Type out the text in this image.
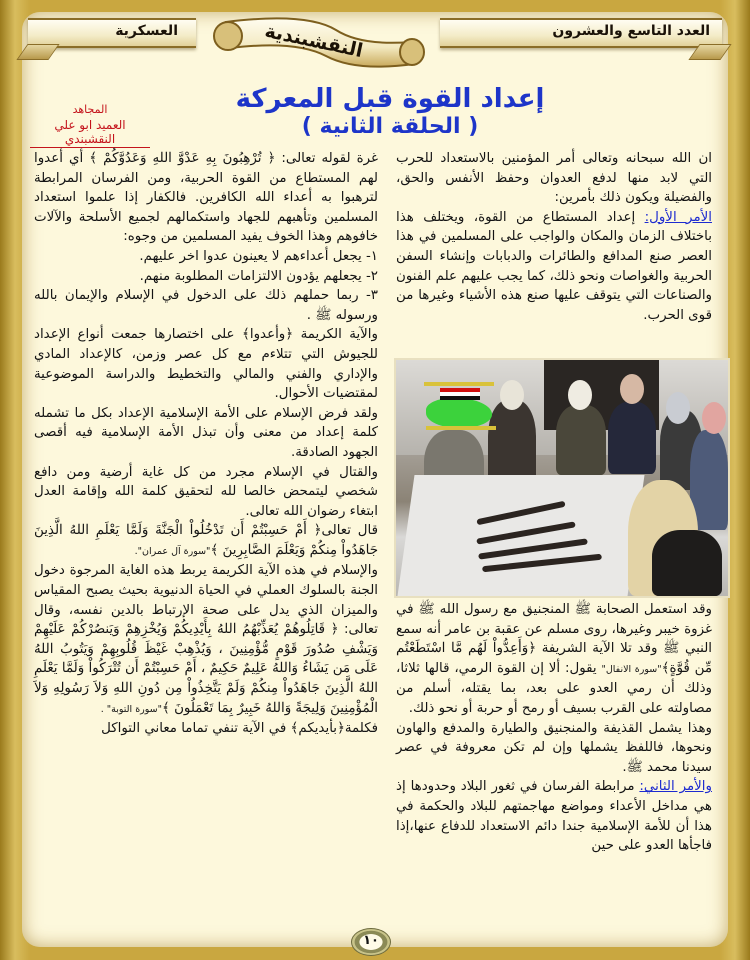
العدد التاسع والعشرون
العسكرية	النقشبندية
إعداد القوة قبل المعركة
( الحلقة الثانية )
المجاهد
العميد ابو علي النقشبندي

ان الله سبحانه وتعالى أمر المؤمنين بالاستعداد للحرب التي لابد منها لدفع العدوان وحفظ الأنفس والحق، والفضيلة ويكون ذلك بأمرين:

الأمر الأول: إعداد المستطاع من القوة، ويختلف هذا باختلاف الزمان والمكان والواجب على المسلمين في هذا العصر صنع المدافع والطائرات والدبابات وإنشاء السفن الحربية والغواصات ونحو ذلك، كما يجب عليهم علم الفنون والصناعات التي يتوقف عليها صنع هذه الأشياء وغيرها من قوى الحرب.

وقد استعمل الصحابة ﷺ المنجنيق مع رسول الله ﷺ في غزوة خيبر وغيرها، روى مسلم عن عقبة بن عامر أنه سمع النبي ﷺ وقد تلا الآية الشريفة ﴿وَأَعِدُّواْ لَهُم مَّا اسْتَطَعْتُم مِّن قُوَّةٍ﴾"سورة الانفال" يقول: ألا إن القوة الرمي، قالها ثلاثا، وذلك أن رمي العدو على بعد، بما يقتله، أسلم من مصاولته على القرب بسيف أو رمح أو حربة أو نحو ذلك.

وهذا يشمل القذيفة والمنجنيق والطيارة والمدفع والهاون ونحوها، فاللفظ يشملها وإن لم تكن معروفة في عصر سيدنا محمد ﷺ.

والأمر الثاني: مرابطة الفرسان في ثغور البلاد وحدودها إذ هي مداخل الأعداء ومواضع مهاجمتهم للبلاد والحكمة في هذا أن للأمة الإسلامية جندا دائم الاستعداد للدفاع عنها،إذا فاجأها العدو على حين

غرة لقوله تعالى: ﴿ تُرْهِبُونَ بِهِ عَدْوَّ اللهِ وَعَدُوَّكُمْ ﴾ أي أعدوا لهم المستطاع من القوة الحربية، ومن الفرسان المرابطة لترهبوا به أعداء الله الكافرين. فالكفار إذا علموا استعداد المسلمين وتأهبهم للجهاد واستكمالهم لجميع الأسلحة والآلات خافوهم وهذا الخوف يفيد المسلمين من وجوه:

١- يجعل أعداءهم لا يعينون عدوا اخر عليهم.

٢- يجعلهم يؤدون الالتزامات المطلوبة منهم.

٣- ربما حملهم ذلك على الدخول في الإسلام والإيمان بالله ورسوله ﷺ .

والآية الكريمة ﴿وأعدوا﴾ على اختصارها جمعت أنواع الإعداد للجيوش التي تتلاءم مع كل عصر وزمن، كالإعداد المادي والإداري والفني والمالي والتخطيط والدراسة الموضوعية لمقتضيات الأحوال.

ولقد فرض الإسلام على الأمة الإسلامية الإعداد بكل ما تشمله كلمة إعداد من معنى وأن تبذل الأمة الإسلامية فيه أقصى الجهود الصادقة.

والقتال في الإسلام مجرد من كل غاية أرضية ومن دافع شخصي ليتمحض خالصا لله لتحقيق كلمة الله وإقامة العدل ابتغاء رضوان الله تعالى.

قال تعالى﴿ أَمْ حَسِبْتُمْ أَن تَدْخُلُواْ الْجَنَّةَ وَلَمَّا يَعْلَمِ اللهُ الَّذِينَ جَاهَدُواْ مِنكُمْ وَيَعْلَمَ الصَّابِرِينَ ﴾"سورة آل عمران".

والإسلام في هذه الآية الكريمة يربط هذه الغاية المرجوة دخول الجنة بالسلوك العملي في الحياة الدنيوية بحيث يصبح المقياس والميزان الذي يدل على صحة الإرتباط بالدين نفسه، وقال تعالى: ﴿ قَاتِلُوهُمْ يُعَذِّبْهُمُ اللهُ بِأَيْدِيكُمْ وَيُخْزِهِمْ وَيَنصُرْكُمْ عَلَيْهِمْ وَيَشْفِ صُدُورَ قَوْمٍ مُّؤْمِنِينَ ، وَيُذْهِبْ غَيْظَ قُلُوبِهِمْ وَيَتُوبُ اللهُ عَلَى مَن يَشَاءُ وَاللهُ عَلِيمٌ حَكِيمٌ ، أَمْ حَسِبْتُمْ أَن تُتْرَكُواْ وَلَمَّا يَعْلَمِ اللهُ الَّذِينَ جَاهَدُواْ مِنكُمْ وَلَمْ يَتَّخِذُواْ مِن دُونِ اللهِ وَلاَ رَسُولِهِ وَلاَ الْمُؤْمِنِينَ وَلِيجَةً وَاللهُ خَبِيرٌ بِمَا تَعْمَلُونَ ﴾"سورة التوبة" .

فكلمة﴿بأيديكم﴾ في الآية تنفي تماما معاني التواكل

١٠
